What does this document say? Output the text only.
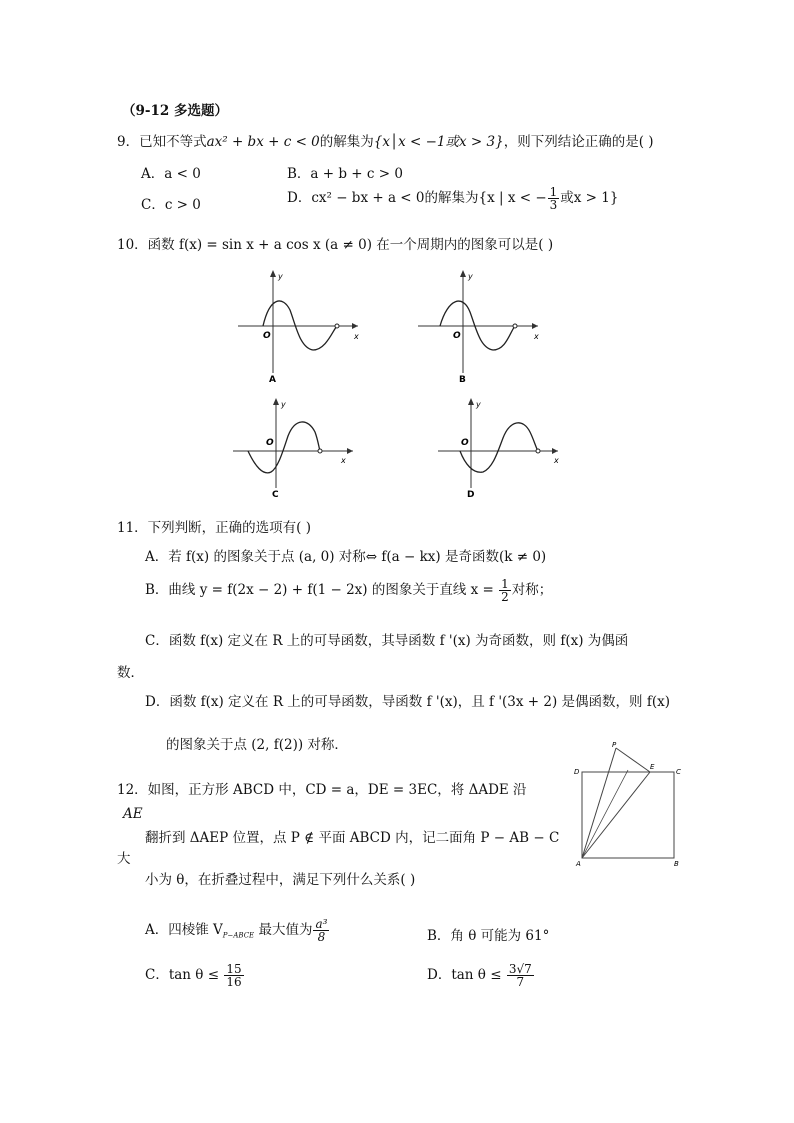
（9-12 多选题）
9．已知不等式ax² + bx + c < 0的解集为{x│x < −1或x > 3}，则下列结论正确的是( )
A．a < 0	B．a + b + c > 0
C．c > 0	D．cx² − bx + a < 0的解集为{x | x < − $\frac{1}{3}$ 或x > 1}
10．函数 f(x) = sin x + a cos x (a ≠ 0) 在一个周期内的图象可以是( )
y
x
O
A
y
x
O
B
y
x
O
C
y
x
O
D
11．下列判断，正确的选项有( )
A．若 f(x) 的图象关于点 (a, 0) 对称⇔ f(a − kx) 是奇函数(k ≠ 0)
B．曲线 y = f(2x − 2) + f(1 − 2x) 的图象关于直线 $x = \frac{1}{2}$ 对称；
C．函数 f(x) 定义在 R 上的可导函数，其导函数 f '(x) 为奇函数，则 f(x) 为偶函
数．
D．函数 f(x) 定义在 R 上的可导函数，导函数 f '(x)，且 f '(3x + 2) 是偶函数，则 f(x)
的图象关于点 (2, f(2)) 对称．
12．如图，正方形 ABCD 中，CD = a，DE = 3EC，将 ΔADE 沿
AE
翻折到 ΔAEP 位置，点 P ∉ 平面 ABCD 内，记二面角 P − AB − C
大
小为 θ，在折叠过程中，满足下列什么关系( )
P
D
E
C
A	B
A．四棱锥 $V_{P-ABCE}$ 最大值为 $\frac{\text{a³}}{8}$	B．角 θ 可能为 61°
C．$\tan \theta \le \frac{15}{16}$	D．$\tan \theta \le \frac{3√7}{7}$
